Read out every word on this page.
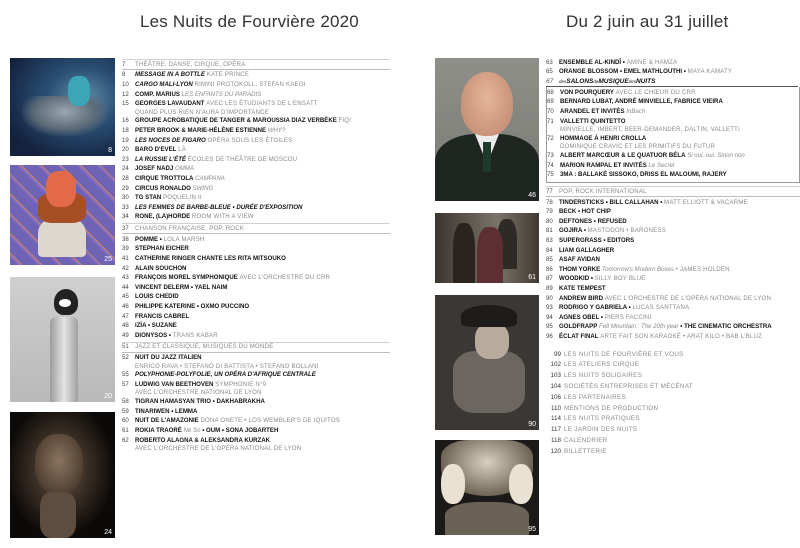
Les Nuits de Fourvière 2020
8
25
20
24
7	THÉÂTRE, DANSE, CIRQUE, OPÉRA
8	MESSAGE IN A BOTTLE KATE PRINCE
10	CARGO MALI-LYON RIMINI PROTOKOLL, STEFAN KAEGI
12	COMP. MARIUS LES ENFANTS DU PARADIS
15	GEORGES LAVAUDANT AVEC LES ÉTUDIANTS DE L'ENSATT
QUAND PLUS RIEN N'AURA D'IMPORTANCE
16	GROUPE ACROBATIQUE DE TANGER & MAROUSSIA DIAZ VERBÈKE FIQ!
18	PETER BROOK & MARIE-HÉLÈNE ESTIENNE WHY?
19	LES NOCES DE FIGARO OPÉRA SOUS LES ÉTOILES
20	BARO D'EVEL LÀ
23	LA RUSSIE L'ÉTÉ ÉCOLES DE THÉÂTRE DE MOSCOU
24	JOSEF NADJ OMMA
28	CIRQUE TROTTOLA CAMPANA
29	CIRCUS RONALDO SWING
30	TG STAN POQUELIN II
33	LES FEMMES DE BARBE-BLEUE • DURÉE D'EXPOSITION
34	RONE, (LA)HORDE ROOM WITH A VIEW
37	CHANSON FRANÇAISE, POP, ROCK
38	POMME • LOLA MARSH
39	STEPHAN EICHER
41	CATHERINE RINGER CHANTE LES RITA MITSOUKO
42	ALAIN SOUCHON
43	FRANÇOIS MOREL SYMPHONIQUE AVEC L'ORCHESTRE DU CRR
44	VINCENT DELERM • YAEL NAIM
45	LOUIS CHEDID
46	PHILIPPE KATERINE • OXMO PUCCINO
47	FRANCIS CABREL
48	IZÏA • SUZANE
49	DIONYSOS • TRANS KABAR
51	JAZZ ET CLASSIQUE, MUSIQUES DU MONDE
52	NUIT DU JAZZ ITALIEN
ENRICO RAVA • STEFANO DI BATTISTA • STEFANO BOLLANI
55	POLYPHONIE-POLYFOLIE, UN OPÉRA D'AFRIQUE CENTRALE
57	LUDWIG VAN BEETHOVEN SYMPHONIE N°9
AVEC L'ORCHESTRE NATIONAL DE LYON
58	TIGRAN HAMASYAN TRIO • DAKHABRAKHA
59	TINARIWEN • LEMMA
60	NUIT DE L'AMAZONIE DONA ONETE • LOS WEMBLER'S DE IQUITOS
61	ROKIA TRAORÉ Né So • OUM • SONA JOBARTEH
62	ROBERTO ALAGNA & ALEKSANDRA KURZAK
AVEC L'ORCHESTRE DE L'OPÉRA NATIONAL DE LYON
Du 2 juin au 31 juillet
46
61
90
95
63	ENSEMBLE AL-KINDÎ • AMINE & HAMZA
65	ORANGE BLOSSOM • EMEL MATHLOUTHI • MAYA KAMATY
67	desSALONSdeMUSIQUEdesNUITS
68	VON POURQUERY AVEC LE CHŒUR DU CRR
69	BERNARD LUBAT, ANDRÉ MINVIELLE, FABRICE VIEIRA
70	ARANDEL ET INVITÉS InBach
71	VALLETTI QUINTETTO
MINVIELLE, IMBERT, BEER-DEMANDER, DALTIN, VALLETTI
72	HOMMAGE À HENRI CROLLA
DOMINIQUE CRAVIC ET LES PRIMITIFS DU FUTUR
73	ALBERT MARCŒUR & LE QUATUOR BÉLA Si oui, oui. Sinon non
74	MARION RAMPAL ET INVITÉS Le Secret
75	3MA : BALLAKÉ SISSOKO, DRISS EL MALOUMI, RAJERY
77	POP, ROCK INTERNATIONAL
78	TINDERSTICKS • BILL CALLAHAN • MATT ELLIOTT & VACARME
79	BECK • HOT CHIP
80	DEFTONES • REFUSED
81	GOJIRA • MASTODON • BARONESS
83	SUPERGRASS • EDITORS
84	LIAM GALLAGHER
85	ASAF AVIDAN
86	THOM YORKE Tomorrow's Modern Boxes • JAMES HOLDEN
87	WOODKID • SILLY BOY BLUE
89	KATE TEMPEST
90	ANDREW BIRD AVEC L'ORCHESTRE DE L'OPÉRA NATIONAL DE LYON
93	RODRIGO Y GABRIELA • LUCAS SANTTANA
94	AGNES OBEL • PIERS FACCINI
95	GOLDFRAPP Felt Mountain : The 20th year • THE CINEMATIC ORCHESTRA
96	ÉCLAT FINAL ARTE FAIT SON KARAOKÉ • ARAT KILO • BAB L'BLUZ
99 LES NUITS DE FOURVIÈRE ET VOUS
102 LES ATELIERS CIRQUE
103 LES NUITS SOLIDAIRES
104 SOCIÉTÉS ENTREPRISES ET MÉCÉNAT
106 LES PARTENAIRES
110 MENTIONS DE PRODUCTION
114 LES NUITS PRATIQUES
117 LE JARDIN DES NUITS
118 CALENDRIER
120 BILLETTERIE
